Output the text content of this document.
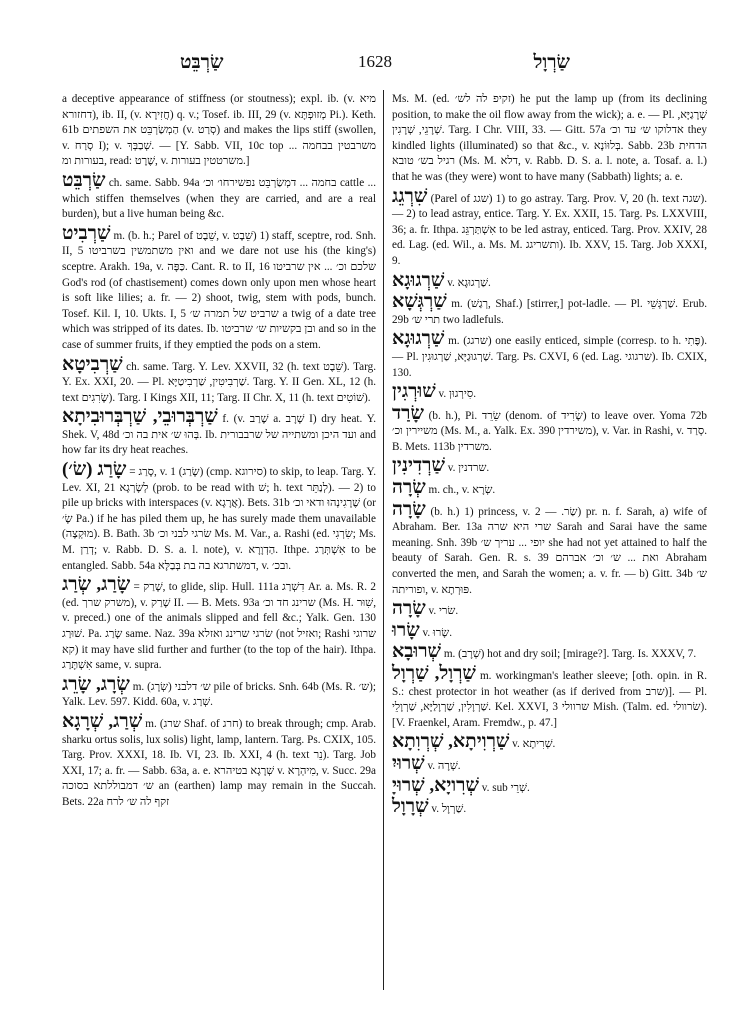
שַׂרְבֵּט	1628	שַׂרְוָל

a deceptive appearance of stiffness (or stoutness); expl. ib. (v. מיא דחזורא), ib. II, (v. חֲזִירָא) q. v.; Tosef. ib. III, 29 (v. מְזוּפְתָּא Pi.). Keth. 61b הַמְשַׂרְבֵּט את השפתים (v. סְרַט) and makes the lips stiff (swollen, v. סְרַח I); v. שְׁבַבְּךְ. — [Y. Sabb. VII, 10c top ... משרבטין בבחמה בעורות ומ, read: שֶׁרֶט, v. משרטטין בעורות.]

שַׂרְבֵּט ch. same. Sabb. 94a בחמה ... דמְשַׂרְבֵּט נפשירחו׳ וכ׳ cattle ... which stiffen themselves (when they are carried, and are a real burden), but a live human being &c.

שַׁרְבִיט m. (b. h.; Parel of שֵׁבֶט, v. שֵׁבֶט) 1) staff, sceptre, rod. Snh. II, 5 ואין משתמשין בשרביטו and we dare not use his (the king's) sceptre. Arakh. 19a, v. כַּפָּה. Cant. R. to II, 16 שלכם וכ׳ ... אין שרביטו God's rod (of chastisement) comes down only upon men whose heart is soft like lilies; a. fr. — 2) shoot, twig, stem with pods, bunch. Tosef. Kil. I, 10. Ukts. I, 5 שרביט של תמרה ש׳ a twig of a date tree which was stripped of its dates. Ib. ובן בקשיות ש׳ שרביטו and so in the case of summer fruits, if they emptied the pods on a stem.

שַׁרְבִיטָא ch. same. Targ. Y. Lev. XXVII, 32 (h. text שֵׁבֶט). Targ. Y. Ex. XXI, 20. — Pl. שַׁרְבִיטִין, שַׁרְבִיטַיָּא. Targ. Y. II Gen. XL, 12 (h. text שָׂרִגִים). Targ. I Kings XII, 11; Targ. II Chr. X, 11 (h. text שׁוֹטִים).

שַׁרְבְּרוּבֵי, שַׁרְבְּרוּבִיתָא f. (v. שֶׁרַב a. שָׁרָב I) dry heat. Y. Shek. V, 48d בְּהוּ ש׳ אית בה וכ׳. Ib. ועד היכן ומשתייה של שרבבורית and how far its dry heat reaches.

שָׂרַג (שׂ׳) = סָרַג, v. שָׂרַג) 1) (cmp. סירוגא) to skip, to leap. Targ. Y. Lev. XI, 21 לְשָׂרְגָא (prob. to be read with שׁ; h. text לְנַתֵּר). — 2) to pile up bricks with interspaces (v. אֲרָגָא). Bets. 31b שֶׁרָגִינְהוּ ודאי וכ׳ (or שָׂ׳ Pa.) if he has piled them up, he has surely made them unavailable (מוּקְצֶה). B. Bath. 3b שׂרגי לבני וכ׳ Ms. M. Var., a. Rashi (ed. שִׂרְגִי; Ms. M. דְרַן; v. Rabb. D. S. a. l. note), v. הַדְוָרָא. Ithpe. אִשְׁתְּרַג to be entangled. Sabb. 54a דמשתרגא בה בת בְּבַלָּא, v. ובכ׳.

שָׂרַג, שְׂרַג = שָׁרַק, to glide, slip. Hull. 111a דִשְׁרַג Ar. a. Ms. R. 2 (ed. משרק שרך), v. שָׁרַק II. — B. Mets. 93a שרינג חד וכ׳ (Ms. H. שִׁוּר, v. preced.) one of the animals slipped and fell &c.; Yalk. Gen. 130 שׁוּרַג. Pa. שָׂרַג same. Naz. 39a שׂרגי שרינג ואזלא (not ואזיל; Rashi שרוגי קא) it may have slid further and further (to the top of the hair). Ithpa. אִשְׁתָּרַג same, v. supra.

שְׂרָג, שָׂרֵג m. (שְׂרָג) ש׳ דלבני pile of bricks. Snh. 64b (Ms. R. ש׳); Yalk. Lev. 597. Kidd. 60a, v. שְׁרַג.

שְׁרַג, שְׁרָגָא m. (שרג Shaf. of חרג) to break through; cmp. Arab. sharku ortus solis, lux solis) light, lamp, lantern. Targ. Ps. CXIX, 105. Targ. Prov. XXXI, 18. Ib. VI, 23. Ib. XXI, 4 (h. text נֵר). Targ. Job XXI, 17; a. fr. — Sabb. 63a, a. e. שְׁרָגָא בטיהרא v. מִיהְרָא, v. Succ. 29a ש׳ דמבוללתא בסוכה an (earthen) lamp may remain in the Succah. Bets. 22a זקף לה ש׳ לרח

Ms. M. (ed. זקיפ לה לש׳) he put the lamp up (from its declining position, to make the oil flow away from the wick); a. e. — Pl. שְׁרָגַיָּא, שְׁרָגֵי, שְׁרָגִין. Targ. I Chr. VIII, 33. — Gitt. 57a אדלוקו ש׳ עד וכ׳ they kindled lights (illuminated) so that &c., v. בְּלוּוֹנָא. Sabb. 23b הדחית רגיל בש׳ טובא (Ms. M. דלא, v. Rabb. D. S. a. l. note, a. Tosaf. a. l.) that he was (they were) wont to have many (Sabbath) lights; a. e.

שִׁרְגֵג (Parel of שגג) 1) to go astray. Targ. Prov. V, 20 (h. text שגה). — 2) to lead astray, entice. Targ. Y. Ex. XXII, 15. Targ. Ps. LXXVIII, 36; a. fr. Ithpa. אִשְׁתַּרְגֵּג to be led astray, enticed. Targ. Prov. XXIV, 28 ed. Lag. (ed. Wil., a. Ms. M. ותשריגג). Ib. XXV, 15. Targ. Job XXXI, 9.

שַׁרְגוּגָא v. שַׁרְגוּגָא.

שַׁרְגְּשָׁא m. (רְגַשׁ, Shaf.) [stirrer,] pot-ladle. — Pl. שַׁרְגְּשֵׁי. Erub. 29b תרי ש׳ two ladlefuls.

שַׁרְגוּגָא m. (שרגג) one easily enticed, simple (corresp. to h. פֶּתִי). — Pl. שַׁרְגוּגַיָּא, שַׁרְגוּגִין. Targ. Ps. CXVI, 6 (ed. Lag. שרגוגי). Ib. CXIX, 130.

שׁוּרְגִין v. סִירְגוּן.

שָׂרַד (b. h.), Pi. שֵׂרֵד (denom. of שָׂרִיד) to leave over. Yoma 72b משיירין וכ׳ (Ms. M., a. Yalk. Ex. 390 משירדין), v. Var. in Rashi, v. סְרַד. B. Mets. 113b משרדין.

שַׁרְדִינִין v. שרדנין.

שְׂרָה m. ch., v. שְׂרָא.

שָׂרָה (b. h.) 1) princess, v. שַׂר. — 2) pr. n. f. Sarah, a) wife of Abraham. Ber. 13a שרי היא שרה Sarah and Sarai have the same meaning. Snh. 39b יופי ... עריך ש׳ she had not yet attained to half the beauty of Sarah. Gen. R. s. 39 ואת ... ש׳ וכ׳ אברהם Abraham converted the men, and Sarah the women; a. v. fr. — b) Gitt. 34b ש׳ ופוריתה, v. פּוּרְתָא.

שָׂרָה v. שׂרי.

שָׂרוּ v. שָׂרוּ.

שְׁרוּבָא m. (שְׁרָב) hot and dry soil; [mirage?]. Targ. Is. XXXV, 7.

שַׁרְוָל, שַׁרְוָל m. workingman's leather sleeve; [oth. opin. in R. S.: chest protector in hot weather (as if derived from שרב)]. — Pl. שַׁרְוָלִין, שַׁרְוָלַיָּא, שַׁרְוָלֵי. Kel. XXVI, 3 שרוולי Mish. (Talm. ed. שׂרוולי). [V. Fraenkel, Aram. Fremdw., p. 47.]

שַׁרְוִיתָא, שְׁרְוִתָא v. שְׁרִיתָא.

שְׁרוּיִ v. שְׁרָה.

שְׁרִויָא, שְׁרוּיָ v. sub שְׁרֵי.

שְׁרָוָל v. שַׁרְוָל.
